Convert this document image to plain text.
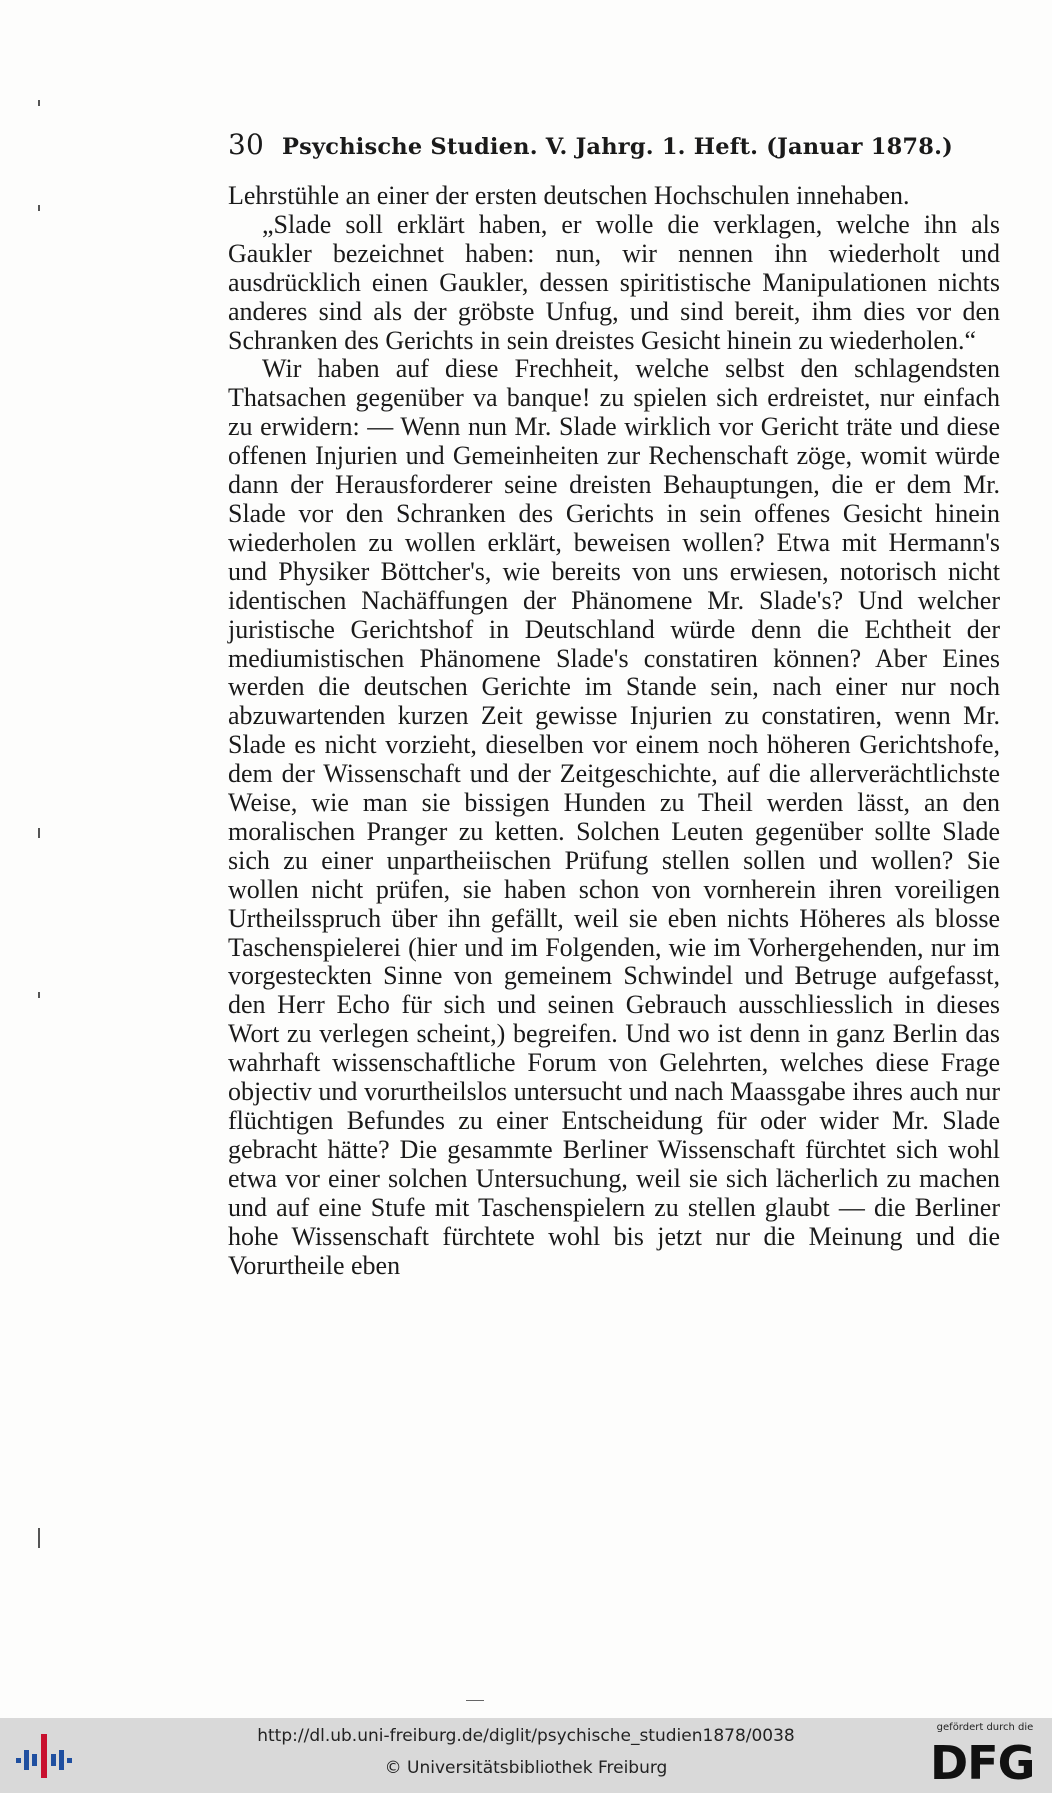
30 Psychische Studien. V. Jahrg. 1. Heft. (Januar 1878.)

Lehrstühle an einer der ersten deutschen Hochschulen innehaben.

„Slade soll erklärt haben, er wolle die verklagen, welche ihn als Gaukler bezeichnet haben: nun, wir nennen ihn wiederholt und ausdrücklich einen Gaukler, dessen spiritistische Manipulationen nichts anderes sind als der gröbste Unfug, und sind bereit, ihm dies vor den Schranken des Gerichts in sein dreistes Gesicht hinein zu wiederholen.“

Wir haben auf diese Frechheit, welche selbst den schlagendsten Thatsachen gegenüber va banque! zu spielen sich erdreistet, nur einfach zu erwidern: — Wenn nun Mr. Slade wirklich vor Gericht träte und diese offenen Injurien und Gemeinheiten zur Rechenschaft zöge, womit würde dann der Herausforderer seine dreisten Behauptungen, die er dem Mr. Slade vor den Schranken des Gerichts in sein offenes Gesicht hinein wiederholen zu wollen erklärt, beweisen wollen? Etwa mit Hermann's und Physiker Böttcher's, wie bereits von uns erwiesen, notorisch nicht identischen Nachäffungen der Phänomene Mr. Slade's? Und welcher juristische Gerichtshof in Deutschland würde denn die Echtheit der mediumistischen Phänomene Slade's constatiren können? Aber Eines werden die deutschen Gerichte im Stande sein, nach einer nur noch abzuwartenden kurzen Zeit gewisse Injurien zu constatiren, wenn Mr. Slade es nicht vorzieht, dieselben vor einem noch höheren Gerichtshofe, dem der Wissenschaft und der Zeitgeschichte, auf die allerverächtlichste Weise, wie man sie bissigen Hunden zu Theil werden lässt, an den moralischen Pranger zu ketten. Solchen Leuten gegenüber sollte Slade sich zu einer unpartheiischen Prüfung stellen sollen und wollen? Sie wollen nicht prüfen, sie haben schon von vornherein ihren voreiligen Urtheilsspruch über ihn gefällt, weil sie eben nichts Höheres als blosse Taschenspielerei (hier und im Folgenden, wie im Vorhergehenden, nur im vorgesteckten Sinne von gemeinem Schwindel und Betruge aufgefasst, den Herr Echo für sich und seinen Gebrauch ausschliesslich in dieses Wort zu verlegen scheint,) begreifen. Und wo ist denn in ganz Berlin das wahrhaft wissenschaftliche Forum von Gelehrten, welches diese Frage objectiv und vorurtheilslos untersucht und nach Maassgabe ihres auch nur flüchtigen Befundes zu einer Entscheidung für oder wider Mr. Slade gebracht hätte? Die gesammte Berliner Wissenschaft fürchtet sich wohl etwa vor einer solchen Untersuchung, weil sie sich lächerlich zu machen und auf eine Stufe mit Taschenspielern zu stellen glaubt — die Berliner hohe Wissenschaft fürchtete wohl bis jetzt nur die Meinung und die Vorurtheile eben

http://dl.ub.uni-freiburg.de/diglit/psychische_studien1878/0038
© Universitätsbibliothek Freiburg
gefördert durch die
DFG
